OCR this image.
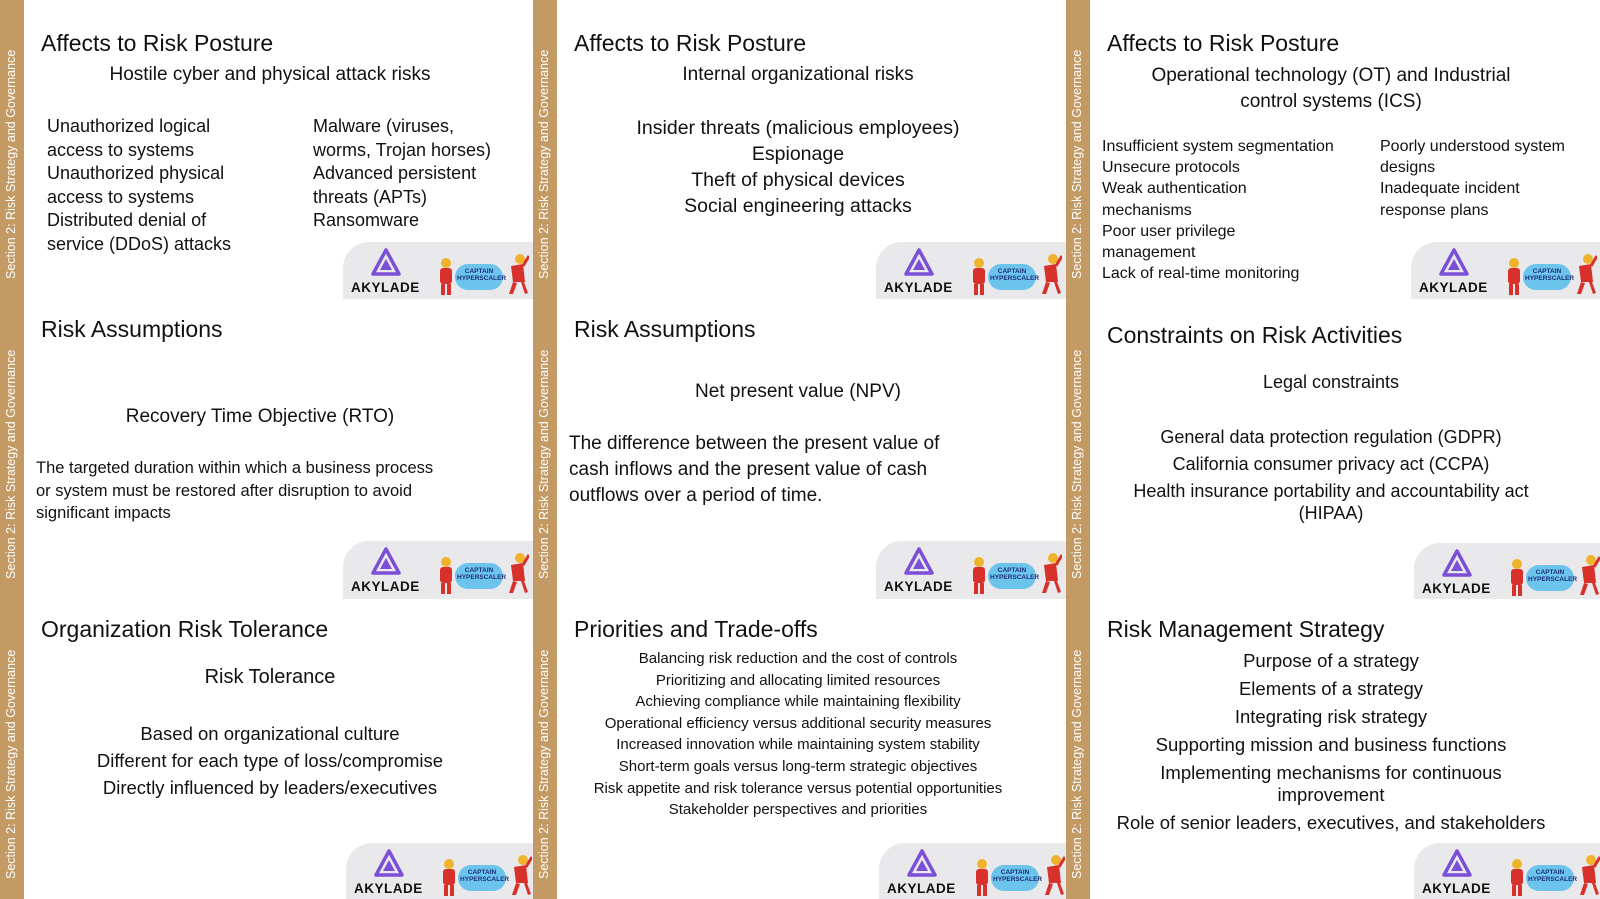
Section 2: Risk Strategy and Governance
Affects to Risk Posture
Hostile cyber and physical attack risks
Unauthorized logical
access to systems
Unauthorized physical
access to systems
Distributed denial of
service (DDoS) attacks
Malware (viruses,
worms, Trojan horses)
Advanced persistent
threats (APTs)
Ransomware
AKYLADE
CAPTAIN
HYPERSCALER Section 2: Risk Strategy and Governance
Affects to Risk Posture
Internal organizational risks
Insider threats (malicious employees)
Espionage
Theft of physical devices
Social engineering attacks
AKYLADE
CAPTAIN
HYPERSCALER Section 2: Risk Strategy and Governance
Affects to Risk Posture
Operational technology (OT) and Industrial
control systems (ICS)
Insufficient system segmentation
Unsecure protocols
Weak authentication
mechanisms
Poor user privilege
management
Lack of real-time monitoring
Poorly understood system
designs
Inadequate incident
response plans
AKYLADE
CAPTAIN
HYPERSCALER
Section 2: Risk Strategy and Governance
Risk Assumptions
Recovery Time Objective (RTO)
The targeted duration within which a business process
or system must be restored after disruption to avoid
significant impacts
AKYLADE
CAPTAIN
HYPERSCALER Section 2: Risk Strategy and Governance
Risk Assumptions
Net present value (NPV)
The difference between the present value of
cash inflows and the present value of cash
outflows over a period of time.
AKYLADE
CAPTAIN
HYPERSCALER Section 2: Risk Strategy and Governance
Constraints on Risk Activities
Legal constraints
General data protection regulation (GDPR)
California consumer privacy act (CCPA)
Health insurance portability and accountability act
(HIPAA)
AKYLADE
CAPTAIN
HYPERSCALER
Section 2: Risk Strategy and Governance
Organization Risk Tolerance
Risk Tolerance
Based on organizational culture
Different for each type of loss/compromise
Directly influenced by leaders/executives
AKYLADE
CAPTAIN
HYPERSCALER
Section 2: Risk Strategy and Governance
Priorities and Trade-offs
Balancing risk reduction and the cost of controls
Prioritizing and allocating limited resources
Achieving compliance while maintaining flexibility
Operational efficiency versus additional security measures
Increased innovation while maintaining system stability
Short-term goals versus long-term strategic objectives
Risk appetite and risk tolerance versus potential opportunities
Stakeholder perspectives and priorities
AKYLADE
CAPTAIN
HYPERSCALER
Section 2: Risk Strategy and Governance
Risk Management Strategy
Purpose of a strategy
Elements of a strategy
Integrating risk strategy
Supporting mission and business functions
Implementing mechanisms for continuous
improvement
Role of senior leaders, executives, and stakeholders
AKYLADE
CAPTAIN
HYPERSCALER
